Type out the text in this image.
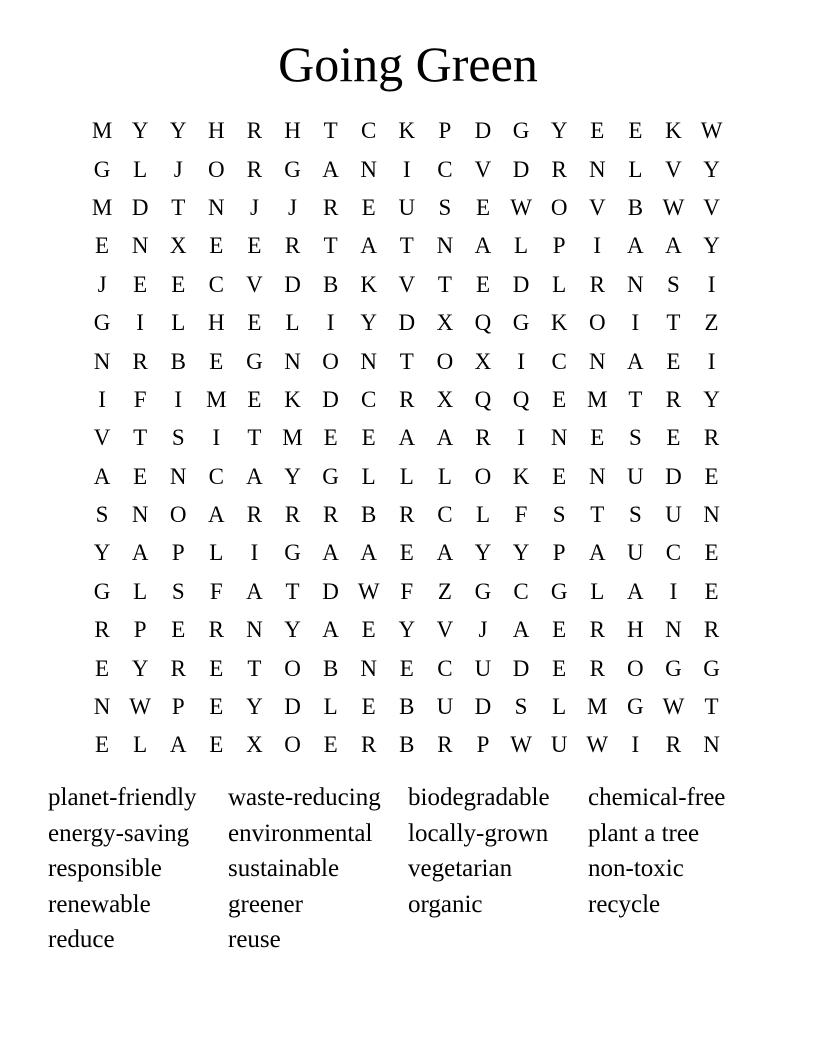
Going Green
M Y Y H R H T	C K	P	D G Y E	E K W
G L	J	O R G A N	I	C V D R N L V Y
M D T N	J	J	R	E U	S	E W O V B W V
E N X E	E	R	T A T N A L	P	I	A A Y
J	E	E	C V D B K V T	E D L	R N	S	I
G	I	L H E	L	I	Y D X Q G K O	I	T	Z
N R B	E G N O N T O X	I	C N A E	I
I	F	I	M E K D C R X Q Q E M T	R Y
V T	S	I	T M E	E A A R	I	N E	S	E	R
A E N C A Y G L	L	L O K E N U D E
S	N O A R R R B R C	L	F	S	T	S	U N
Y A	P	L	I	G A A E A Y Y	P	A U C	E
G L	S	F	A T D W F	Z G C G L A	I	E
R	P	E	R N Y A E Y V	J	A E	R H N R
E Y R	E	T O B N E	C U D E	R O G G
N W P	E Y D L	E	B U D	S	L M G W T
E	L A E X O E	R B R	P W U W	I	R N
planet-friendly	waste-reducing	biodegradable	chemical-free
energy-saving	environmental	locally-grown	plant a tree
responsible	sustainable	vegetarian	non-toxic
renewable	greener	organic	recycle
reduce	reuse
